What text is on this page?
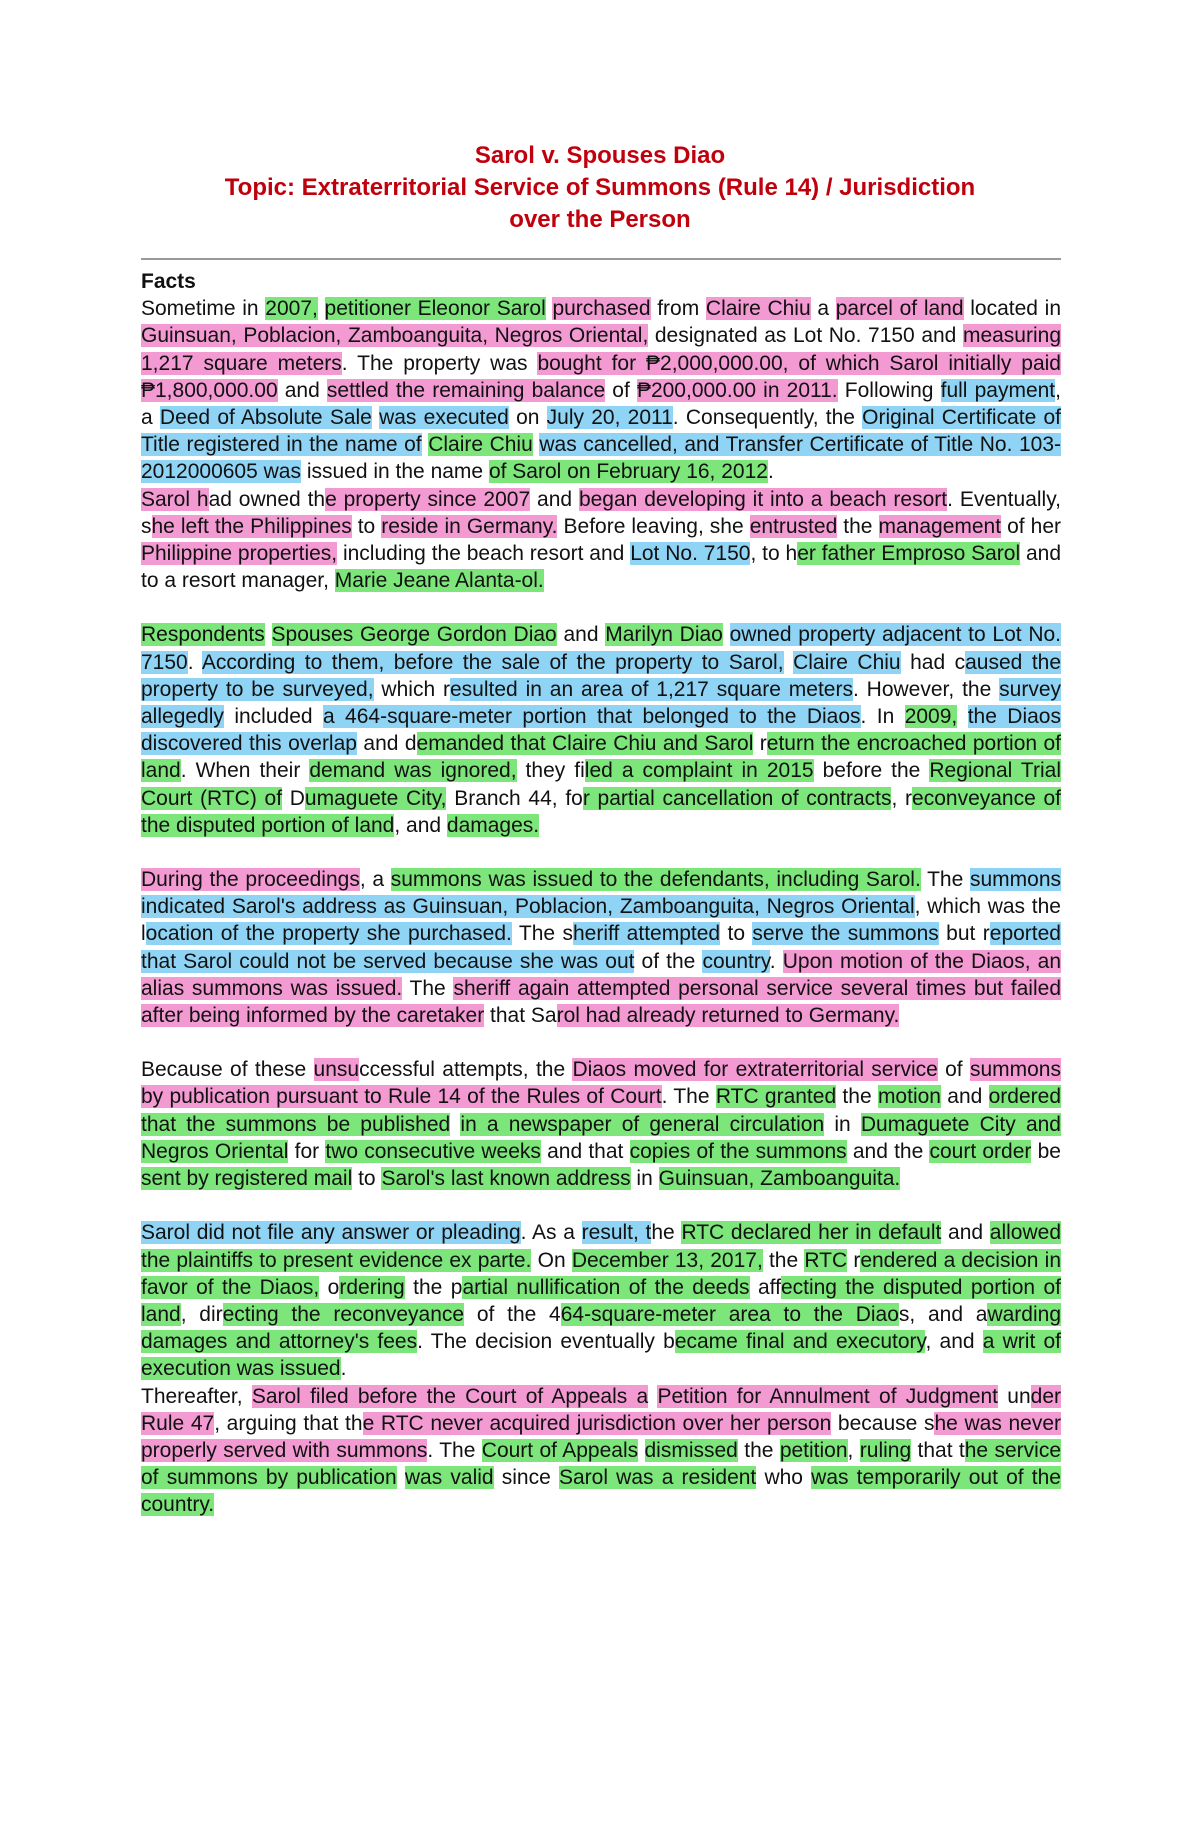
Sarol v. Spouses Diao
Topic: Extraterritorial Service of Summons (Rule 14) / Jurisdiction
over the Person

Facts

Sometime in 2007, petitioner Eleonor Sarol purchased from Claire Chiu a parcel of land located in Guinsuan, Poblacion, Zamboanguita, Negros Oriental, designated as Lot No. 7150 and measuring 1,217 square meters. The property was bought for ₱2,000,000.00, of which Sarol initially paid ₱1,800,000.00 and settled the remaining balance of ₱200,000.00 in 2011. Following full payment, a Deed of Absolute Sale was executed on July 20, 2011. Consequently, the Original Certificate of Title registered in the name of Claire Chiu was cancelled, and Transfer Certificate of Title No. 103-2012000605 was issued in the name of Sarol on February 16, 2012.

Sarol had owned the property since 2007 and began developing it into a beach resort. Eventually, she left the Philippines to reside in Germany. Before leaving, she entrusted the management of her Philippine properties, including the beach resort and Lot No. 7150, to her father Emproso Sarol and to a resort manager, Marie Jeane Alanta-ol.

Respondents Spouses George Gordon Diao and Marilyn Diao owned property adjacent to Lot No. 7150. According to them, before the sale of the property to Sarol, Claire Chiu had caused the property to be surveyed, which resulted in an area of 1,217 square meters. However, the survey allegedly included a 464-square-meter portion that belonged to the Diaos. In 2009, the Diaos discovered this overlap and demanded that Claire Chiu and Sarol return the encroached portion of land. When their demand was ignored, they filed a complaint in 2015 before the Regional Trial Court (RTC) of Dumaguete City, Branch 44, for partial cancellation of contracts, reconveyance of the disputed portion of land, and damages.

During the proceedings, a summons was issued to the defendants, including Sarol. The summons indicated Sarol's address as Guinsuan, Poblacion, Zamboanguita, Negros Oriental, which was the location of the property she purchased. The sheriff attempted to serve the summons but reported that Sarol could not be served because she was out of the country. Upon motion of the Diaos, an alias summons was issued. The sheriff again attempted personal service several times but failed after being informed by the caretaker that Sarol had already returned to Germany.

Because of these unsuccessful attempts, the Diaos moved for extraterritorial service of summons by publication pursuant to Rule 14 of the Rules of Court. The RTC granted the motion and ordered that the summons be published in a newspaper of general circulation in Dumaguete City and Negros Oriental for two consecutive weeks and that copies of the summons and the court order be sent by registered mail to Sarol's last known address in Guinsuan, Zamboanguita.

Sarol did not file any answer or pleading. As a result, the RTC declared her in default and allowed the plaintiffs to present evidence ex parte. On December 13, 2017, the RTC rendered a decision in favor of the Diaos, ordering the partial nullification of the deeds affecting the disputed portion of land, directing the reconveyance of the 464-square-meter area to the Diaos, and awarding damages and attorney's fees. The decision eventually became final and executory, and a writ of execution was issued.

Thereafter, Sarol filed before the Court of Appeals a Petition for Annulment of Judgment under Rule 47, arguing that the RTC never acquired jurisdiction over her person because she was never properly served with summons. The Court of Appeals dismissed the petition, ruling that the service of summons by publication was valid since Sarol was a resident who was temporarily out of the country.
